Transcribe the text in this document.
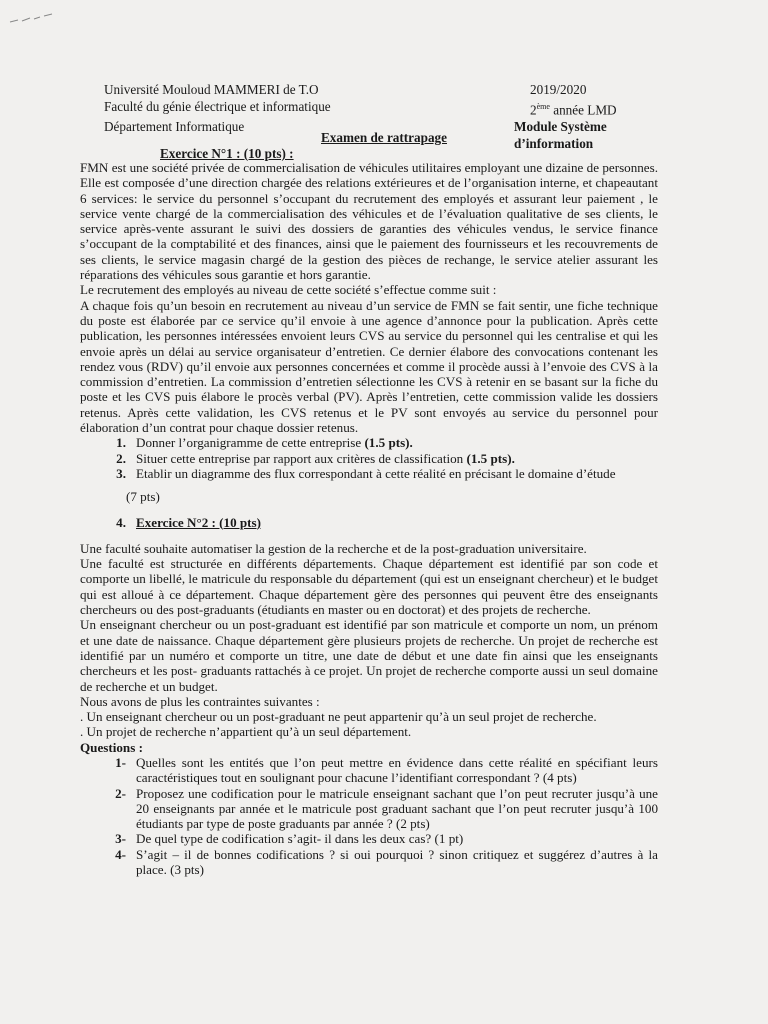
Université Mouloud MAMMERI de T.O	2019/2020
Faculté du génie électrique et informatique	2ème année LMD
Département Informatique	Module Système d’information
Examen de rattrapage
Exercice N°1 : (10 pts) :

FMN est une société privée de commercialisation de véhicules utilitaires employant une dizaine de personnes. Elle est composée d’une direction chargée des relations extérieures et de l’organisation interne, et chapeautant 6 services: le service du personnel s’occupant du recrutement des employés et assurant leur paiement , le service vente chargé de la commercialisation des véhicules et de l’évaluation qualitative de ses clients, le service après-vente assurant le suivi des dossiers de garanties des véhicules vendus, le service finance s’occupant de la comptabilité et des finances, ainsi que le paiement des fournisseurs et les recouvrements de ses clients, le service magasin chargé de la gestion des pièces de rechange, le service atelier assurant les réparations des véhicules sous garantie et hors garantie.

Le recrutement des employés au niveau de cette société s’effectue comme suit :

A chaque fois qu’un besoin en recrutement au niveau d’un service de FMN se fait sentir, une fiche technique du poste est élaborée par ce service qu’il envoie à une agence d’annonce pour la publication. Après cette publication, les personnes intéressées envoient leurs CVS au service du personnel qui les centralise et qui les envoie après un délai au service organisateur d’entretien. Ce dernier élabore des convocations contenant les rendez vous (RDV) qu’il envoie aux personnes concernées et comme il procède aussi à l’envoie des CVS à la commission d’entretien. La commission d’entretien sélectionne les CVS à retenir en se basant sur la fiche du poste et les CVS puis élabore le procès verbal (PV). Après l’entretien, cette commission valide les dossiers retenus. Après cette validation, les CVS retenus et le PV sont envoyés au service du personnel pour élaboration d’un contrat pour chaque dossier retenus.

1. Donner l’organigramme de cette entreprise (1.5 pts).
2. Situer cette entreprise par rapport aux critères de classification (1.5 pts).
3. Etablir un diagramme des flux correspondant à cette réalité en précisant le domaine d’étude
(7 pts)
4. Exercice N°2 : (10 pts)

Une faculté souhaite automatiser la gestion de la recherche et de la post-graduation universitaire.

Une faculté est structurée en différents départements. Chaque département est identifié par son code et comporte un libellé, le matricule du responsable du département (qui est un enseignant chercheur) et le budget qui est alloué à ce département. Chaque département gère des personnes qui peuvent être des enseignants chercheurs ou des post-graduants (étudiants en master ou en doctorat) et des projets de recherche.

Un enseignant chercheur ou un post-graduant est identifié par son matricule et comporte un nom, un prénom et une date de naissance. Chaque département gère plusieurs projets de recherche. Un projet de recherche est identifié par un numéro et comporte un titre, une date de début et une date fin ainsi que les enseignants chercheurs et les post- graduants rattachés à ce projet. Un projet de recherche comporte aussi un seul domaine de recherche et un budget.

Nous avons de plus les contraintes suivantes :

. Un enseignant chercheur ou un post-graduant ne peut appartenir qu’à un seul projet de recherche.

. Un projet de recherche n’appartient qu’à un seul département.

Questions :

1- Quelles sont les entités que l’on peut mettre en évidence dans cette réalité en spécifiant leurs caractéristiques tout en soulignant pour chacune l’identifiant correspondant ? (4 pts)
2- Proposez une codification pour le matricule enseignant sachant que l’on peut recruter jusqu’à une 20 enseignants par année et le matricule post graduant sachant que l’on peut recruter jusqu’à 100 étudiants par type de poste graduants par année ? (2 pts)
3- De quel type de codification s’agit- il dans les deux cas? (1 pt)
4- S’agit – il de bonnes codifications ? si oui pourquoi ? sinon critiquez et suggérez d’autres à la place. (3 pts)
